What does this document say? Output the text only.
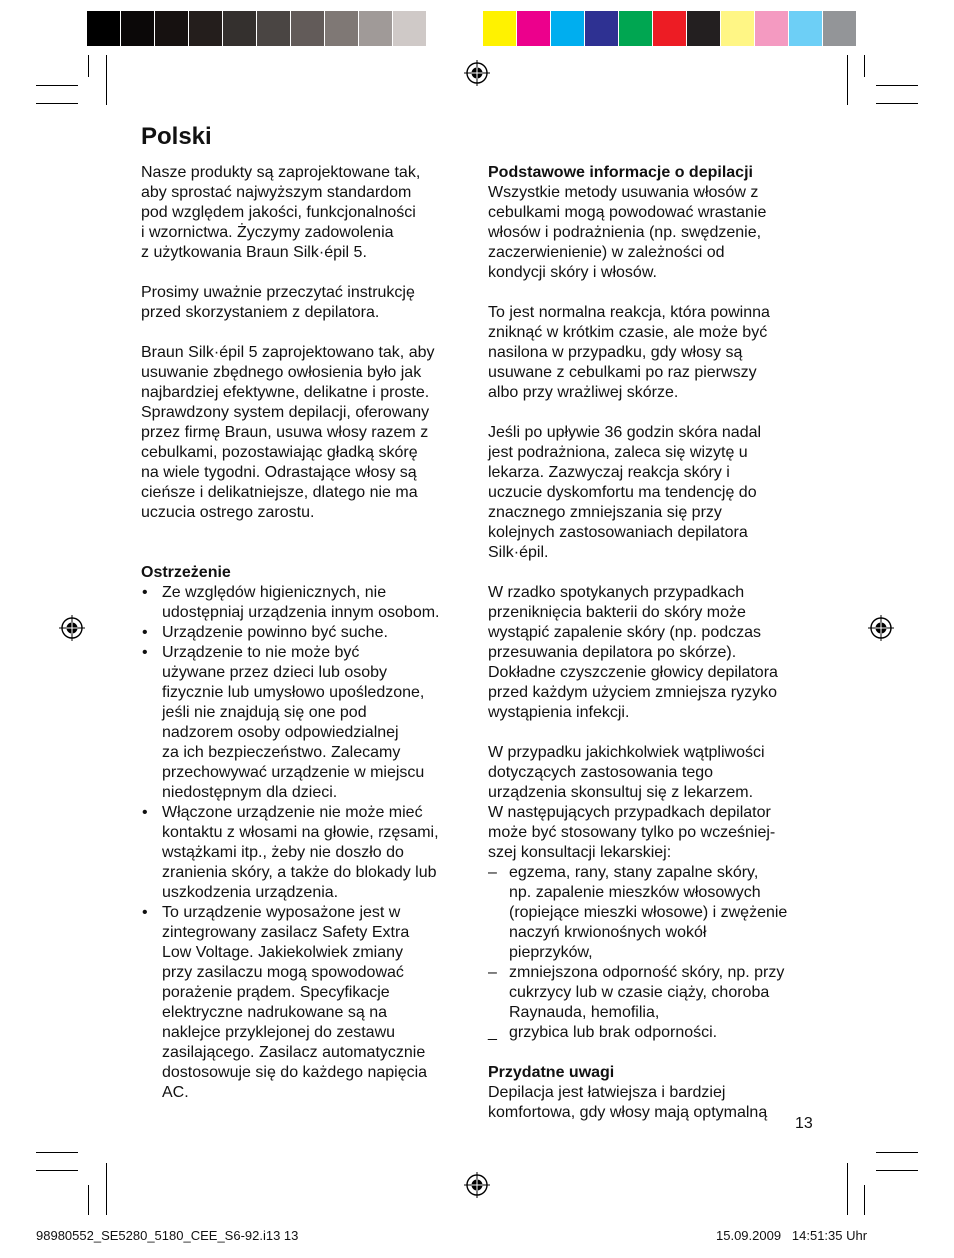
Polski

Nasze produkty są zaprojektowane tak,
aby sprostać najwyższym standardom
pod względem jakości, funkcjonalności
i wzornictwa. Życzymy zadowolenia
z użytkowania Braun Silk·épil 5.

Prosimy uważnie przeczytać instrukcję
przed skorzystaniem z depilatora.

Braun Silk·épil 5 zaprojektowano tak, aby
usuwanie zbędnego owłosienia było jak
najbardziej efektywne, delikatne i proste.
Sprawdzony system depilacji, oferowany
przez firmę Braun, usuwa włosy razem z
cebulkami, pozostawiając gładką skórę
na wiele tygodni. Odrastające włosy są
cieńsze i delikatniejsze, dlatego nie ma
uczucia ostrego zarostu.

Ostrzeżenie

• Ze względów higienicznych, nie
udostępniaj urządzenia innym osobom.
• Urządzenie powinno być suche.
• Urządzenie to nie może być
używane przez dzieci lub osoby
fizycznie lub umysłowo upośledzone,
jeśli nie znajdują się one pod
nadzorem osoby odpowiedzialnej
za ich bezpieczeństwo. Zalecamy
przechowywać urządzenie w miejscu
niedostępnym dla dzieci.
• Włączone urządzenie nie może mieć
kontaktu z włosami na głowie, rzęsami,
wstążkami itp., żeby nie doszło do
zranienia skóry, a także do blokady lub
uszkodzenia urządzenia.
• To urządzenie wyposażone jest w
zintegrowany zasilacz Safety Extra
Low Voltage. Jakiekolwiek zmiany
przy zasilaczu mogą spowodować
porażenie prądem. Specyfikacje
elektryczne nadrukowane są na
naklejce przyklejonej do zestawu
zasilającego. Zasilacz automatycznie
dostosowuje się do każdego napięcia
AC.

Podstawowe informacje o depilacji

Wszystkie metody usuwania włosów z
cebulkami mogą powodować wrastanie
włosów i podrażnienia (np. swędzenie,
zaczerwienienie) w zależności od
kondycji skóry i włosów.

To jest normalna reakcja, która powinna
zniknąć w krótkim czasie, ale może być
nasilona w przypadku, gdy włosy są
usuwane z cebulkami po raz pierwszy
albo przy wrażliwej skórze.

Jeśli po upływie 36 godzin skóra nadal
jest podrażniona, zaleca się wizytę u
lekarza. Zazwyczaj reakcja skóry i
uczucie dyskomfortu ma tendencję do
znacznego zmniejszania się przy
kolejnych zastosowaniach depilatora
Silk·épil.

W rzadko spotykanych przypadkach
przeniknięcia bakterii do skóry może
wystąpić zapalenie skóry (np. podczas
przesuwania depilatora po skórze).
Dokładne czyszczenie głowicy depilatora
przed każdym użyciem zmniejsza ryzyko
wystąpienia infekcji.

W przypadku jakichkolwiek wątpliwości
dotyczących zastosowania tego
urządzenia skonsultuj się z lekarzem.
W następujących przypadkach depilator
może być stosowany tylko po wcześniej-
szej konsultacji lekarskiej:

– egzema, rany, stany zapalne skóry,
np. zapalenie mieszków włosowych
(ropiejące mieszki włosowe) i zwężenie
naczyń krwionośnych wokół
pieprzyków,
– zmniejszona odporność skóry, np. przy
cukrzycy lub w czasie ciąży, choroba
Raynauda, hemofilia,
_ grzybica lub brak odporności.

Przydatne uwagi

Depilacja jest łatwiejsza i bardziej
komfortowa, gdy włosy mają optymalną

13
98980552_SE5280_5180_CEE_S6-92.i13 13	15.09.2009   14:51:35 Uhr
